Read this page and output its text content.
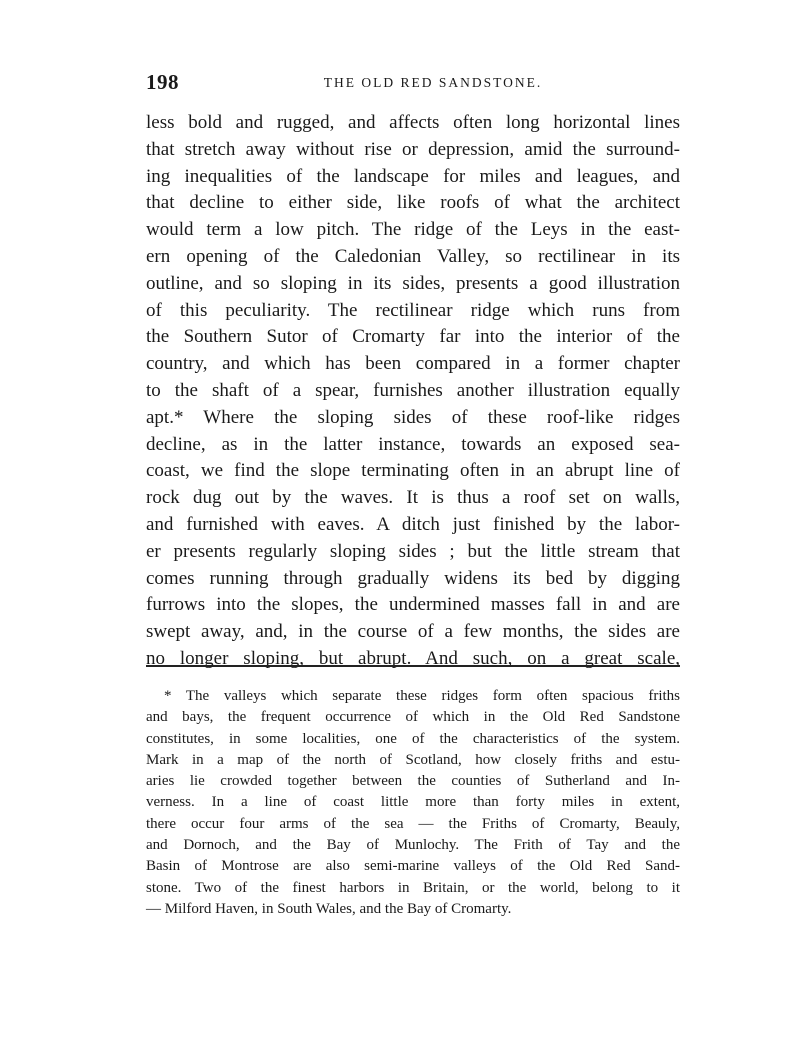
198	THE OLD RED SANDSTONE.
less bold and rugged, and affects often long horizontal lines
that stretch away without rise or depression, amid the surround-
ing inequalities of the landscape for miles and leagues, and
that decline to either side, like roofs of what the architect
would term a low pitch. The ridge of the Leys in the east-
ern opening of the Caledonian Valley, so rectilinear in its
outline, and so sloping in its sides, presents a good illustration
of this peculiarity. The rectilinear ridge which runs from
the Southern Sutor of Cromarty far into the interior of the
country, and which has been compared in a former chapter
to the shaft of a spear, furnishes another illustration equally
apt.* Where the sloping sides of these roof-like ridges
decline, as in the latter instance, towards an exposed sea-
coast, we find the slope terminating often in an abrupt line of
rock dug out by the waves. It is thus a roof set on walls,
and furnished with eaves. A ditch just finished by the labor-
er presents regularly sloping sides ; but the little stream that
comes running through gradually widens its bed by digging
furrows into the slopes, the undermined masses fall in and are
swept away, and, in the course of a few months, the sides are
no longer sloping, but abrupt. And such, on a great scale,
* The valleys which separate these ridges form often spacious friths
and bays, the frequent occurrence of which in the Old Red Sandstone
constitutes, in some localities, one of the characteristics of the system.
Mark in a map of the north of Scotland, how closely friths and estu-
aries lie crowded together between the counties of Sutherland and In-
verness. In a line of coast little more than forty miles in extent,
there occur four arms of the sea — the Friths of Cromarty, Beauly,
and Dornoch, and the Bay of Munlochy. The Frith of Tay and the
Basin of Montrose are also semi-marine valleys of the Old Red Sand-
stone. Two of the finest harbors in Britain, or the world, belong to it
— Milford Haven, in South Wales, and the Bay of Cromarty.
